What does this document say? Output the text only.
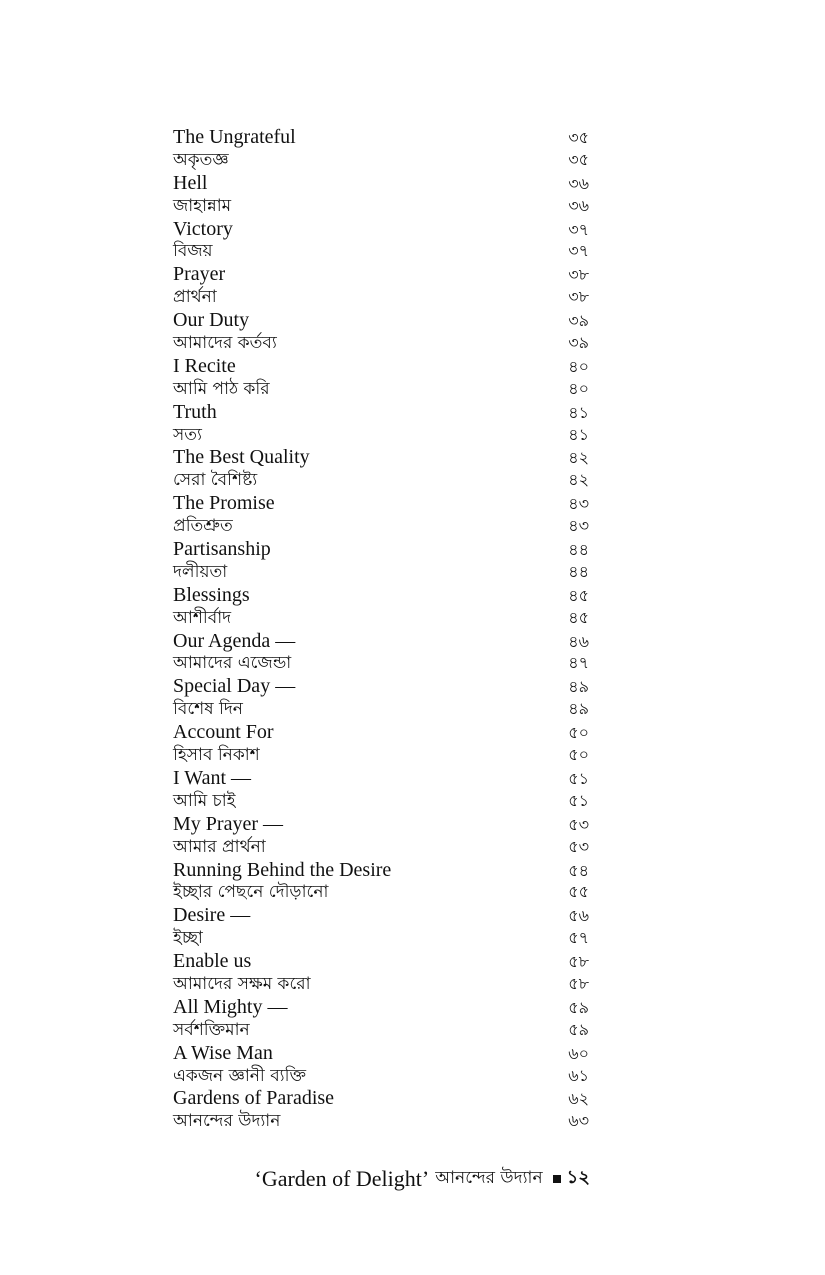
The Ungrateful	৩৫
অকৃতজ্ঞ	৩৫
Hell	৩৬
জাহান্নাম	৩৬
Victory	৩৭
বিজয়	৩৭
Prayer	৩৮
প্রার্থনা	৩৮
Our Duty	৩৯
আমাদের কর্তব্য	৩৯
I Recite	৪০
আমি পাঠ করি	৪০
Truth	৪১
সত্য	৪১
The Best Quality	৪২
সেরা বৈশিষ্ট্য	৪২
The Promise	৪৩
প্রতিশ্রুত	৪৩
Partisanship	৪৪
দলীয়তা	৪৪
Blessings	৪৫
আশীর্বাদ	৪৫
Our Agenda —	৪৬
আমাদের এজেন্ডা	৪৭
Special Day —	৪৯
বিশেষ দিন	৪৯
Account For	৫০
হিসাব নিকাশ	৫০
I Want —	৫১
আমি চাই	৫১
My Prayer —	৫৩
আমার প্রার্থনা	৫৩
Running Behind the Desire	৫৪
ইচ্ছার পেছনে দৌড়ানো	৫৫
Desire —	৫৬
ইচ্ছা	৫৭
Enable us	৫৮
আমাদের সক্ষম করো	৫৮
All Mighty —	৫৯
সর্বশক্তিমান	৫৯
A Wise Man	৬০
একজন জ্ঞানী ব্যক্তি	৬১
Gardens of Paradise	৬২
আনন্দের উদ্যান	৬৩
‘Garden of Delight’ আনন্দের উদ্যান ১২
